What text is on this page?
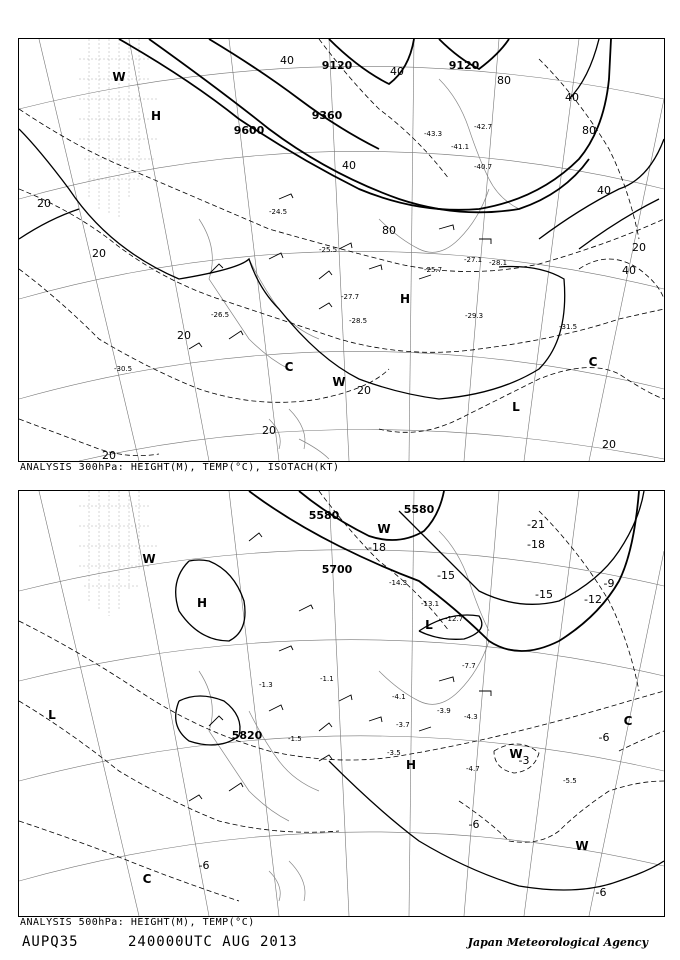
40
40
80
80
40
40
20
40
20
80
20
20
20
20
20
20
40
9120
9360
9120
9600
H
H
L
C	C
W
W
-29.3
-28.5
-27.7
-31.5
-28.1
-27.1
-25.7
-24.5
-25.5
-43.3
-41.1
-42.7
-40.7
-30.5
-26.5
ANALYSIS 300hPa: HEIGHT(M), TEMP(°C), ISOTACH(KT)
5580
5700
5820
5580
-21
-18
-15	-12
-15
-9
-6
-6
-3
-6
-6
-18
H
H
L
L
W
W
W
C
C
W
-12.7
-7.7
-13.1
-14.3
-4.1
-4.3
-3.9
-3.7
-5.5
-4.7
-1.3
-1.5
-3.5
-1.1
ANALYSIS 500hPa: HEIGHT(M), TEMP(°C)
AUPQ35	240000UTC AUG 2013	Japan Meteorological Agency
